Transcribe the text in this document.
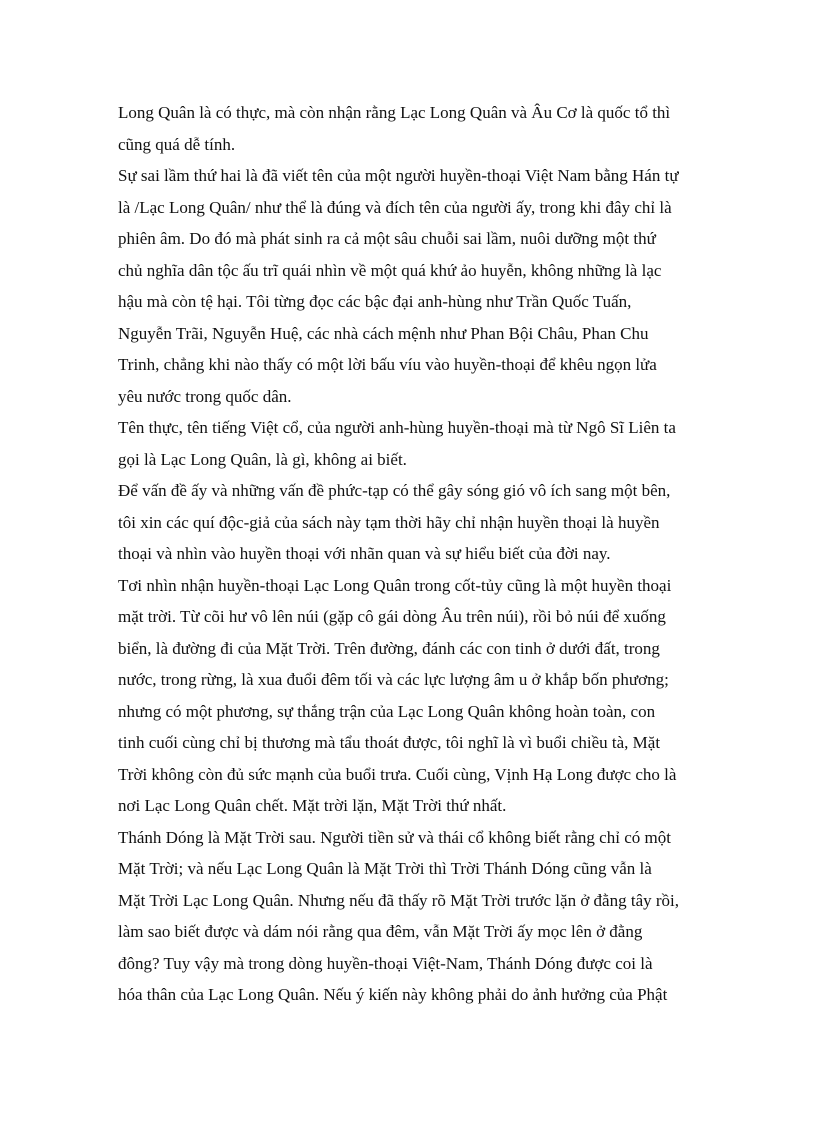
Long Quân là có thực, mà còn nhận rằng Lạc Long Quân và Âu Cơ là quốc tổ thì
cũng quá dễ tính.
Sự sai lầm thứ hai là đã viết tên của một người huyền-thoại Việt Nam bằng Hán tự
là /Lạc Long Quân/ như thể là đúng và đích tên của người ấy, trong khi đây chỉ là
phiên âm. Do đó mà phát sinh ra cả một sâu chuỗi sai lầm, nuôi dưỡng một thứ
chủ nghĩa dân tộc ấu trĩ quái nhìn về một quá khứ ảo huyễn, không những là lạc
hậu mà còn tệ hại. Tôi từng đọc các bậc đại anh-hùng như Trần Quốc Tuấn,
Nguyễn Trãi, Nguyễn Huệ, các nhà cách mệnh như Phan Bội Châu, Phan Chu
Trinh, chẳng khi nào thấy có một lời bấu víu vào huyền-thoại để khêu ngọn lửa
yêu nước trong quốc dân.
Tên thực, tên tiếng Việt cổ, của người anh-hùng huyền-thoại mà từ Ngô Sĩ Liên ta
gọi là Lạc Long Quân, là gì, không ai biết.
Để vấn đề ấy và những vấn đề phức-tạp có thể gây sóng gió vô ích sang một bên,
tôi xin các quí độc-giả của sách này tạm thời hãy chỉ nhận huyền thoại là huyền
thoại và nhìn vào huyền thoại với nhãn quan và sự hiểu biết của đời nay.
Tơi nhìn nhận huyền-thoại Lạc Long Quân trong cốt-tủy cũng là một huyền thoại
mặt trời. Từ cõi hư vô lên núi (gặp cô gái dòng Âu trên núi), rồi bỏ núi để xuống
biển, là đường đi của Mặt Trời. Trên đường, đánh các con tinh ở dưới đất, trong
nước, trong rừng, là xua đuổi đêm tối và các lực lượng âm u ở khắp bốn phương;
nhưng có một phương, sự thắng trận của Lạc Long Quân không hoàn toàn, con
tinh cuối cùng chỉ bị thương mà tẩu thoát được, tôi nghĩ là vì buổi chiều tà, Mặt
Trời không còn đủ sức mạnh của buổi trưa. Cuối cùng, Vịnh Hạ Long được cho là
nơi Lạc Long Quân chết. Mặt trời lặn, Mặt Trời thứ nhất.
Thánh Dóng là Mặt Trời sau. Người tiền sử và thái cổ không biết rằng chỉ có một
Mặt Trời; và nếu Lạc Long Quân là Mặt Trời thì Trời Thánh Dóng cũng vẫn là
Mặt Trời Lạc Long Quân. Nhưng nếu đã thấy rõ Mặt Trời trước lặn ở đằng tây rồi,
làm sao biết được và dám nói rằng qua đêm, vẫn Mặt Trời ấy mọc lên ở đằng
đông? Tuy vậy mà trong dòng huyền-thoại Việt-Nam, Thánh Dóng được coi là
hóa thân của Lạc Long Quân. Nếu ý kiến này không phải do ảnh hưởng của Phật
